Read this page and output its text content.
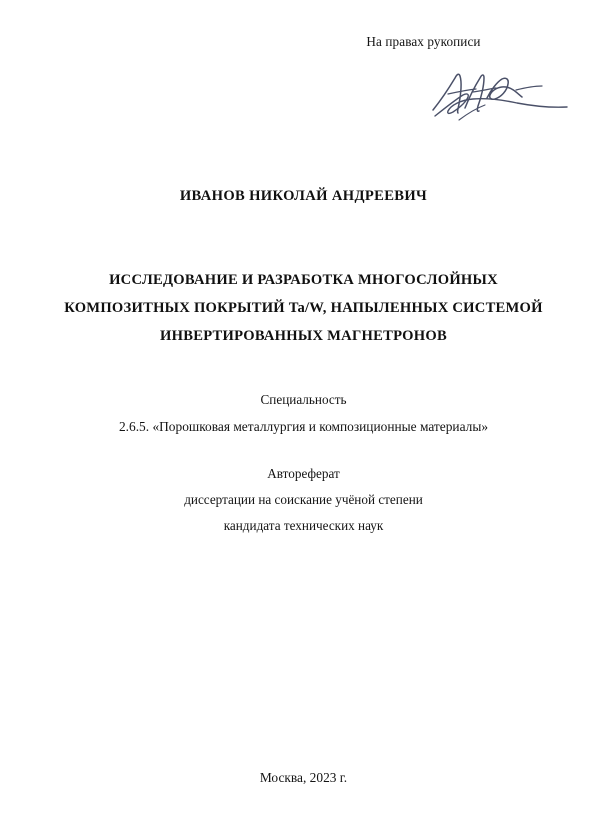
На правах рукописи
ИВАНОВ НИКОЛАЙ АНДРЕЕВИЧ
ИССЛЕДОВАНИЕ И РАЗРАБОТКА МНОГОСЛОЙНЫХ
КОМПОЗИТНЫХ ПОКРЫТИЙ Ta/W, НАПЫЛЕННЫХ СИСТЕМОЙ
ИНВЕРТИРОВАННЫХ МАГНЕТРОНОВ
Специальность
2.6.5. «Порошковая металлургия и композиционные материалы»
Автореферат
диссертации на соискание учёной степени
кандидата технических наук
Москва, 2023 г.
